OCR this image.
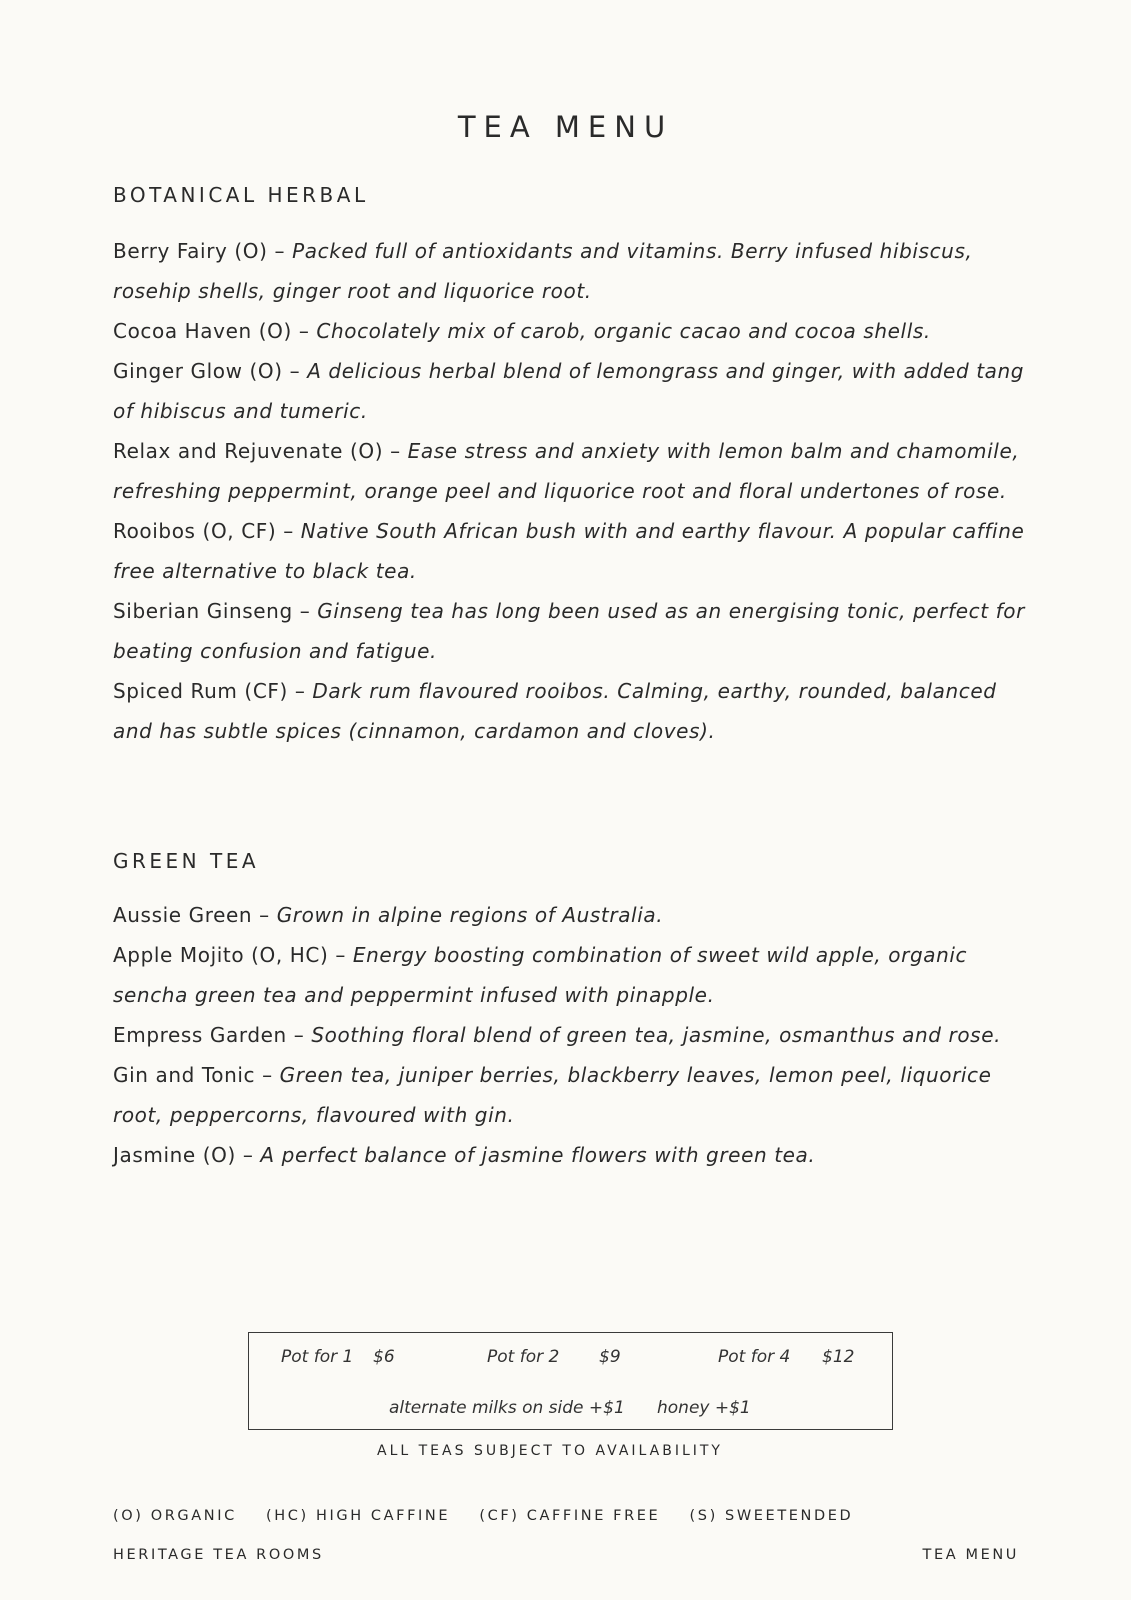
TEA MENU
BOTANICAL HERBAL
Berry Fairy (O) – Packed full of antioxidants and vitamins. Berry infused hibiscus, rosehip shells, ginger root and liquorice root.
Cocoa Haven (O) – Chocolately mix of carob, organic cacao and cocoa shells.
Ginger Glow (O) – A delicious herbal blend of lemongrass and ginger, with added tang of hibiscus and tumeric.
Relax and Rejuvenate (O) – Ease stress and anxiety with lemon balm and chamomile, refreshing peppermint, orange peel and liquorice root and floral undertones of rose.
Rooibos (O, CF) – Native South African bush with and earthy flavour. A popular caffine free alternative to black tea.
Siberian Ginseng – Ginseng tea has long been used as an energising tonic, perfect for beating confusion and fatigue.
Spiced Rum (CF) – Dark rum flavoured rooibos. Calming, earthy, rounded, balanced and has subtle spices (cinnamon, cardamon and cloves).
GREEN TEA
Aussie Green – Grown in alpine regions of Australia.
Apple Mojito (O, HC) – Energy boosting combination of sweet wild apple, organic sencha green tea and peppermint infused with pinapple.
Empress Garden – Soothing floral blend of green tea, jasmine, osmanthus and rose.
Gin and Tonic – Green tea, juniper berries, blackberry leaves, lemon peel, liquorice root, peppercorns, flavoured with gin.
Jasmine (O) – A perfect balance of jasmine flowers with green tea.
Pot for 1 $6	Pot for 2 $9	Pot for 4 $12
alternate milks on side +$1 honey +$1
ALL TEAS SUBJECT TO AVAILABILITY
(O) ORGANIC (HC) HIGH CAFFINE (CF) CAFFINE FREE (S) SWEETENDED
HERITAGE TEA ROOMS	TEA MENU
